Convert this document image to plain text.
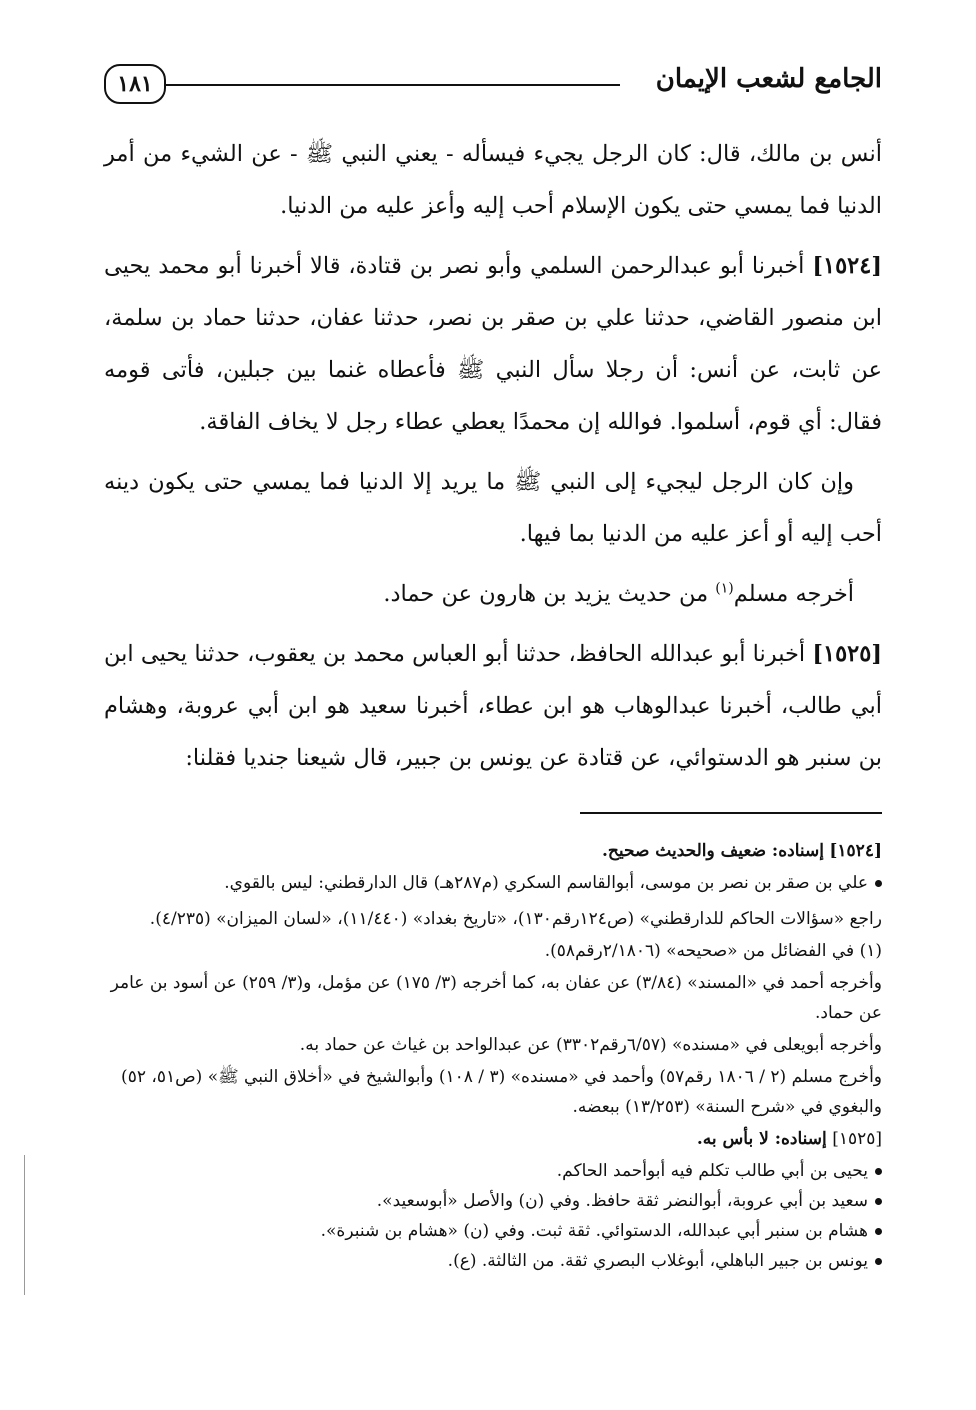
الجامع لشعب الإيمان
١٨١

أنس بن مالك، قال: كان الرجل يجيء فيسأله - يعني النبي ﷺ - عن الشيء من أمر الدنيا فما يمسي حتى يكون الإسلام أحب إليه وأعز عليه من الدنيا.

[١٥٢٤] أخبرنا أبو عبدالرحمن السلمي وأبو نصر بن قتادة، قالا أخبرنا أبو محمد يحيى ابن منصور القاضي، حدثنا علي بن صقر بن نصر، حدثنا عفان، حدثنا حماد بن سلمة، عن ثابت، عن أنس: أن رجلا سأل النبي ﷺ فأعطاه غنما بين جبلين، فأتى قومه فقال: أي قوم، أسلموا. فوالله إن محمدًا يعطي عطاء رجل لا يخاف الفاقة.

وإن كان الرجل ليجيء إلى النبي ﷺ ما يريد إلا الدنيا فما يمسي حتى يكون دينه أحب إليه أو أعز عليه من الدنيا بما فيها.

أخرجه مسلم$^{(١)}$ من حديث يزيد بن هارون عن حماد.

[١٥٢٥] أخبرنا أبو عبدالله الحافظ، حدثنا أبو العباس محمد بن يعقوب، حدثنا يحيى ابن أبي طالب، أخبرنا عبدالوهاب هو ابن عطاء، أخبرنا سعيد هو ابن أبي عروبة، وهشام بن سنبر هو الدستوائي، عن قتادة عن يونس بن جبير، قال شيعنا جنديا فقلنا:

[١٥٢٤] إسناده: ضعيف والحديث صحيح.

علي بن صقر بن نصر بن موسى، أبوالقاسم السكري (م٢٨٧هـ) قال الدارقطني: ليس بالقوي.

راجع «سؤالات الحاكم للدارقطني» (ص١٢٤رقم١٣٠)، «تاريخ بغداد» (١١/٤٤٠)، «لسان الميزان» (٤/٢٣٥).

(١) في الفضائل من «صحيحه» (٢/١٨٠٦رقم٥٨).

وأخرجه أحمد في «المسند» (٣/٨٤) عن عفان به، كما أخرجه (٣/ ١٧٥) عن مؤمل، و(٣/ ٢٥٩) عن أسود بن عامر عن حماد.

وأخرجه أبويعلى في «مسنده» (٦/٥٧رقم٣٣٠٢) عن عبدالواحد بن غياث عن حماد به.

وأخرج مسلم (٢ / ١٨٠٦ رقم٥٧) وأحمد في «مسنده» (٣ / ١٠٨) وأبوالشيخ في «أخلاق النبي ﷺ» (ص٥١، ٥٢) والبغوي في «شرح السنة» (١٣/٢٥٣) ببعضه.

[١٥٢٥] إسناده: لا بأس به.

يحيى بن أبي طالب تكلم فيه أبوأحمد الحاكم.
سعيد بن أبي عروبة، أبوالنضر ثقة حافظ. وفي (ن) والأصل «أبوسعيد».
هشام بن سنبر أبي عبدالله، الدستوائي. ثقة ثبت. وفي (ن) «هشام بن شنبرة».
يونس بن جبير الباهلي، أبوغلاب البصري ثقة. من الثالثة. (ع).
